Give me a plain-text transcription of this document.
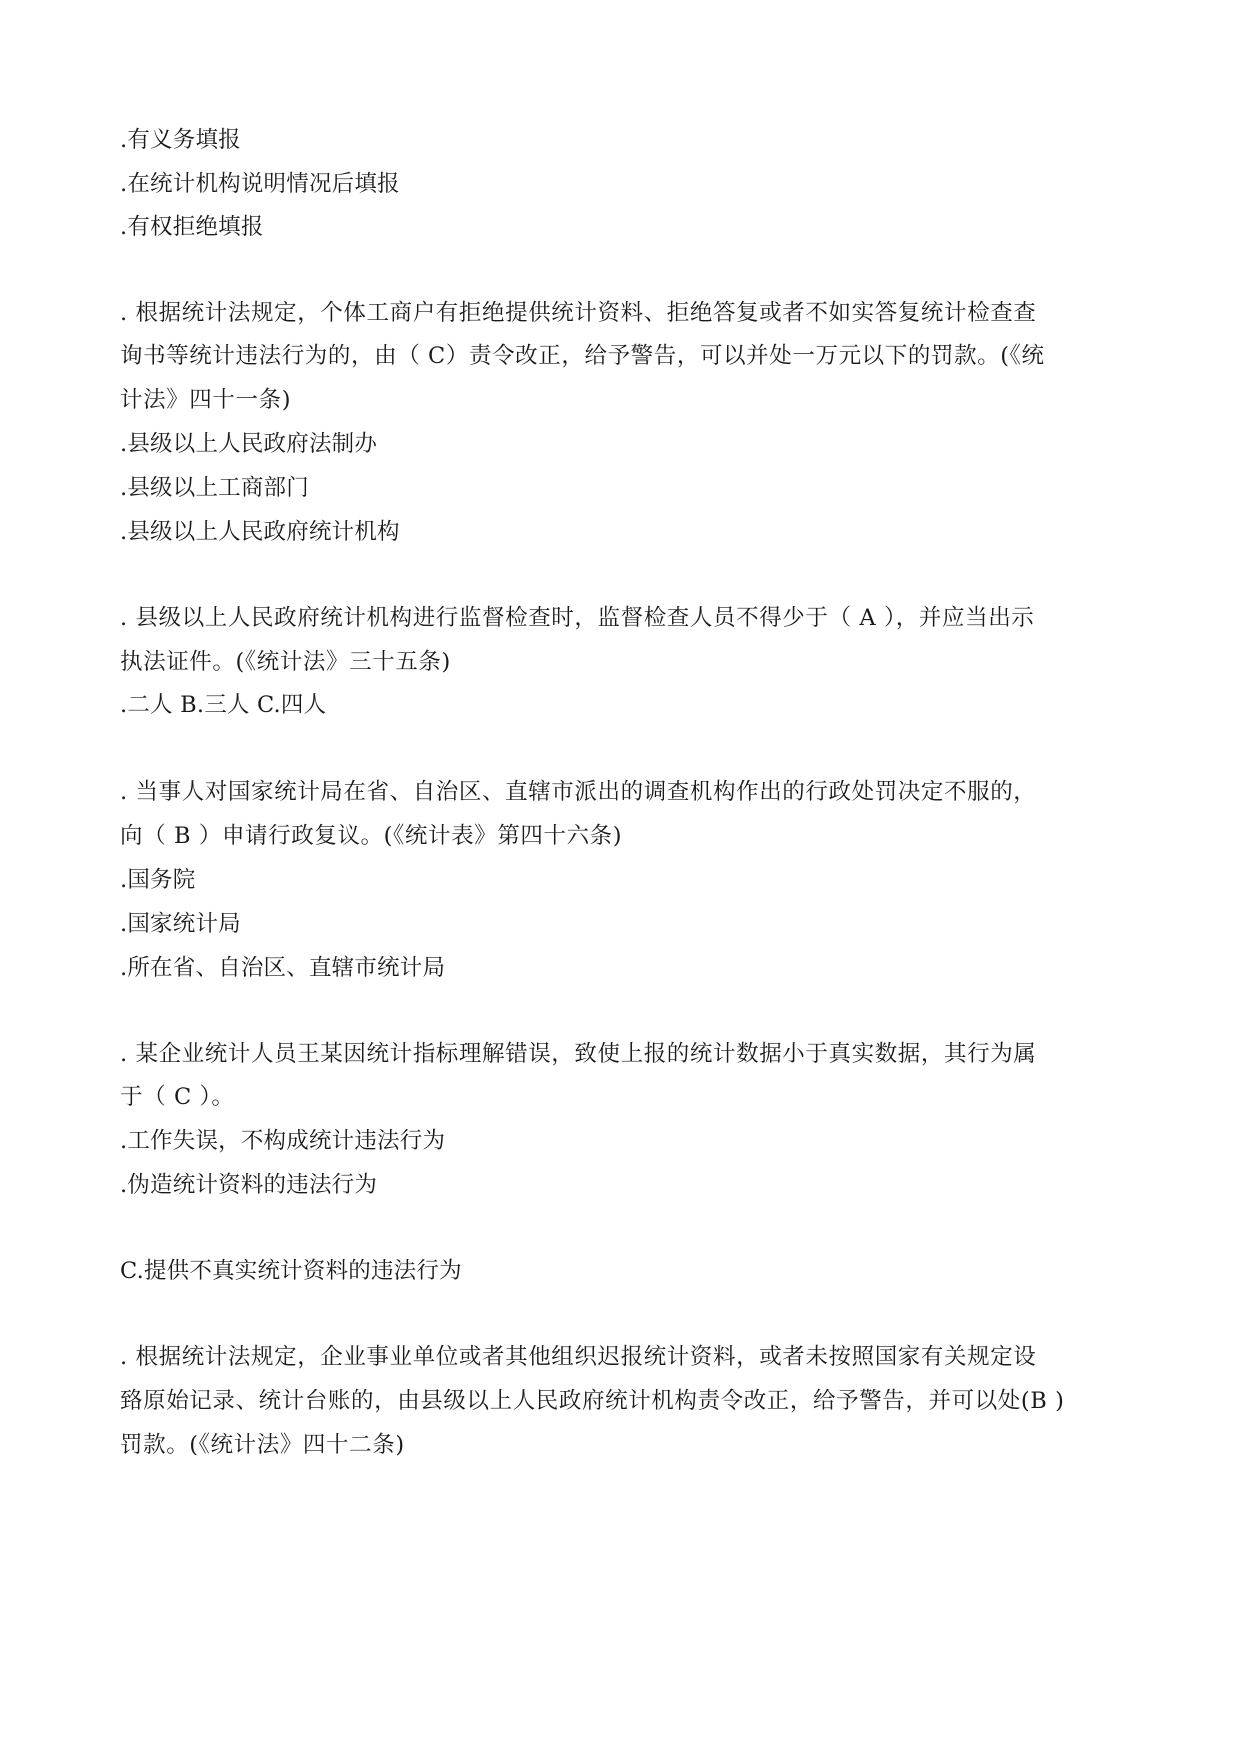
.有义务填报
.在统计机构说明情况后填报
.有权拒绝填报
. 根据统计法规定，个体工商户有拒绝提供统计资料、拒绝答复或者不如实答复统计检查查
询书等统计违法行为的，由（ C）责令改正，给予警告，可以并处一万元以下的罚款。(《统
计法》四十一条)
.县级以上人民政府法制办
.县级以上工商部门
.县级以上人民政府统计机构
. 县级以上人民政府统计机构进行监督检查时，监督检查人员不得少于（ A ），并应当出示
执法证件。(《统计法》三十五条)
.二人 B.三人 C.四人
. 当事人对国家统计局在省、自治区、直辖市派出的调查机构作出的行政处罚决定不服的，
向（ B ）申请行政复议。(《统计表》第四十六条)
.国务院
.国家统计局
.所在省、自治区、直辖市统计局
. 某企业统计人员王某因统计指标理解错误，致使上报的统计数据小于真实数据，其行为属
于（ C ）。
.工作失误，不构成统计违法行为
.伪造统计资料的违法行为
C.提供不真实统计资料的违法行为
. 根据统计法规定，企业事业单位或者其他组织迟报统计资料，或者未按照国家有关规定设
臵原始记录、统计台账的，由县级以上人民政府统计机构责令改正，给予警告，并可以处(B )
罚款。(《统计法》四十二条)
